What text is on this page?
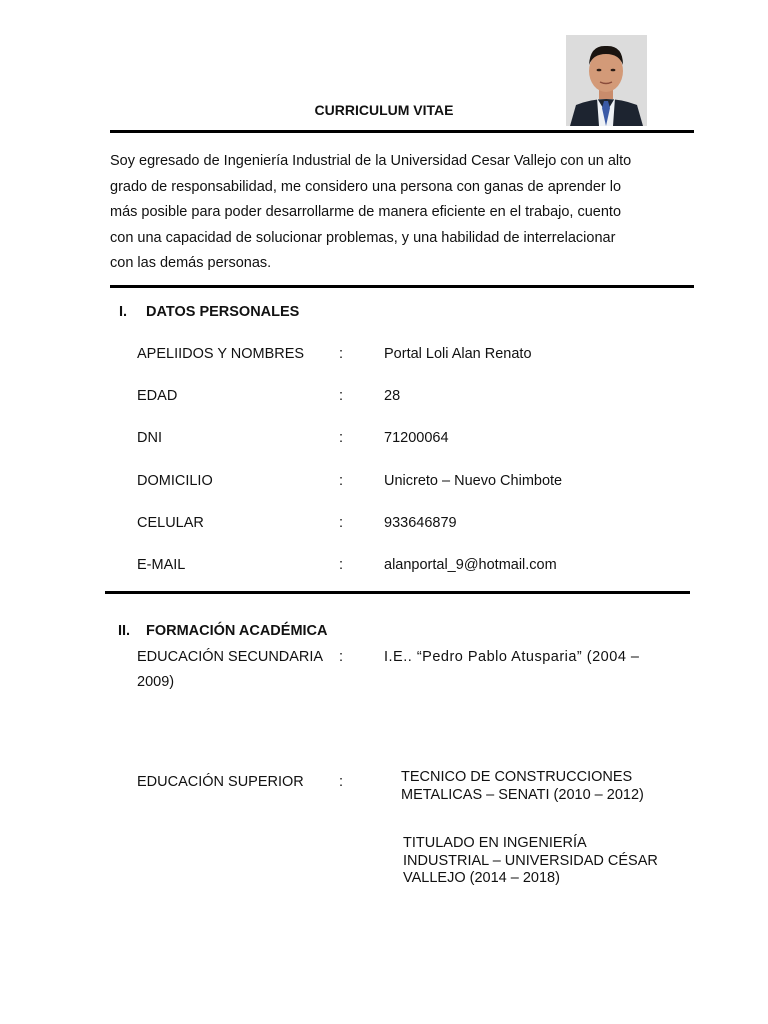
CURRICULUM VITAE
Soy egresado de Ingeniería Industrial de la Universidad Cesar Vallejo con un alto
grado de responsabilidad, me considero una persona con ganas de aprender lo
más posible para poder desarrollarme de manera eficiente en el trabajo, cuento
con una capacidad de solucionar problemas, y una habilidad de interrelacionar
con las demás personas.
I. DATOS PERSONALES
APELIIDOS Y NOMBRES :	Portal Loli Alan Renato
EDAD	:	28
DNI	:	71200064
DOMICILIO	:	Unicreto – Nuevo Chimbote
CELULAR	:	933646879
E-MAIL	:	alanportal_9@hotmail.com
II. FORMACIÓN ACADÉMICA
EDUCACIÓN SECUNDARIA :	I.E.. “Pedro Pablo Atusparia” (2004 –
2009)
EDUCACIÓN SUPERIOR :	TECNICO DE CONSTRUCCIONES
METALICAS – SENATI (2010 – 2012)
TITULADO EN INGENIERÍA
INDUSTRIAL – UNIVERSIDAD CÉSAR
VALLEJO (2014 – 2018)
